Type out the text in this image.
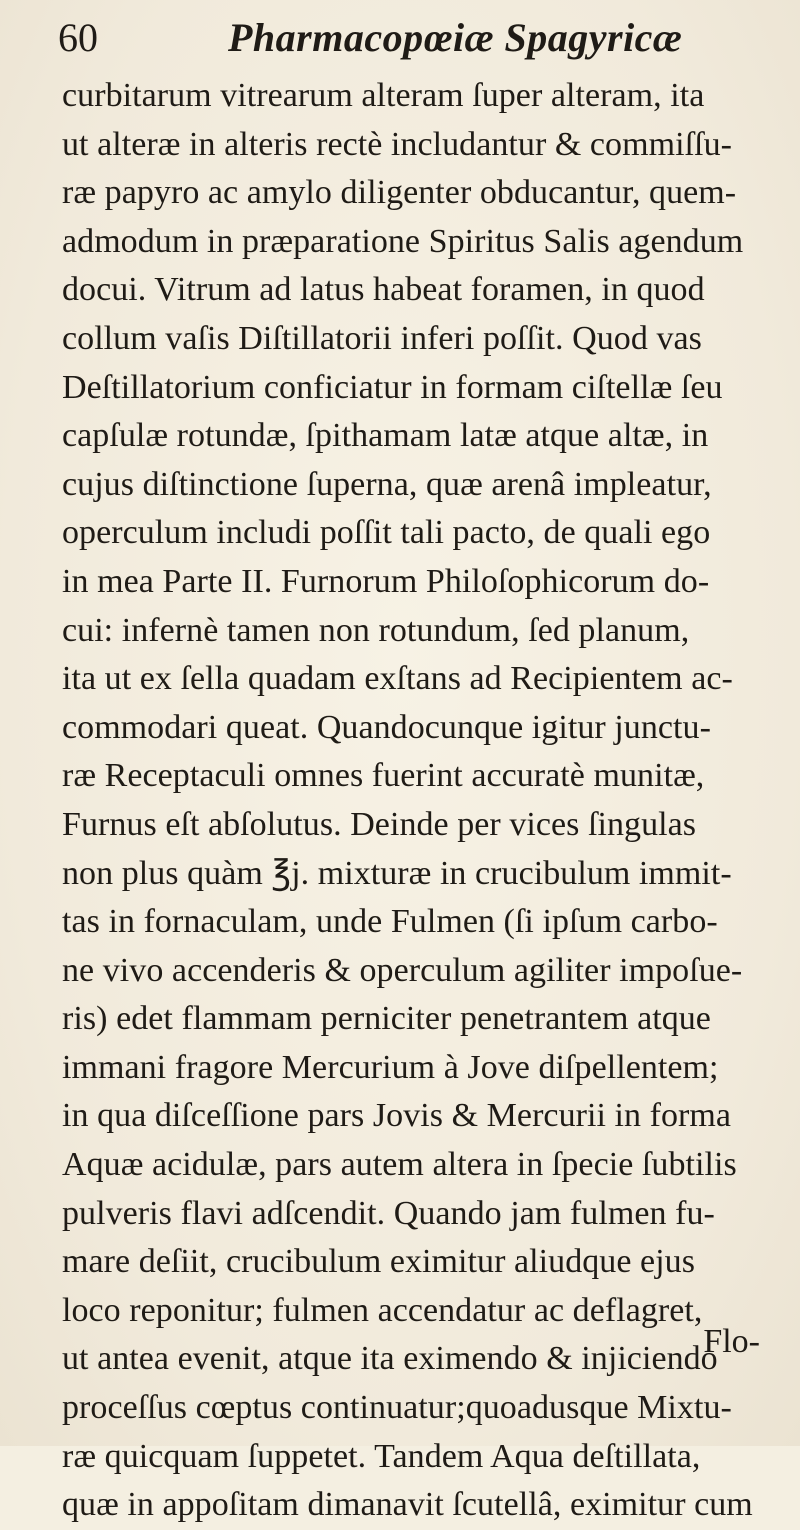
60	Pharmacopœiæ Spagyricæ
curbitarum vitrearum alteram ſuper alteram, ita
ut alteræ in alteris rectè includantur & commiſſu-
ræ papyro ac amylo diligenter obducantur, quem-
admodum in præparatione Spiritus Salis agendum
docui. Vitrum ad latus habeat foramen, in quod
collum vaſis Diſtillatorii inferi poſſit. Quod vas
Deſtillatorium conficiatur in formam ciſtellæ ſeu
capſulæ rotundæ, ſpithamam latæ atque altæ, in
cujus diſtinctione ſuperna, quæ arenâ impleatur,
operculum includi poſſit tali pacto, de quali ego
in mea Parte II. Furnorum Philoſophicorum do-
cui: infernè tamen non rotundum, ſed planum,
ita ut ex ſella quadam exſtans ad Recipientem ac-
commodari queat. Quandocunque igitur junctu-
ræ Receptaculi omnes fuerint accuratè munitæ,
Furnus eſt abſolutus. Deinde per vices ſingulas
non plus quàm ℥j. mixturæ in crucibulum immit-
tas in fornaculam, unde Fulmen (ſi ipſum carbo-
ne vivo accenderis & operculum agiliter impoſue-
ris) edet flammam perniciter penetrantem atque
immani fragore Mercurium à Jove diſpellentem;
in qua diſceſſione pars Jovis & Mercurii in forma
Aquæ acidulæ, pars autem altera in ſpecie ſubtilis
pulveris flavi adſcendit. Quando jam fulmen fu-
mare deſiit, crucibulum eximitur aliudque ejus
loco reponitur; fulmen accendatur ac deflagret,
ut antea evenit, atque ita eximendo & injiciendo
proceſſus cœptus continuatur;quoadusque Mixtu-
ræ quicquam ſuppetet. Tandem Aqua deſtillata,
quæ in appoſitam dimanavit ſcutellâ, eximitur cum
Flo-
